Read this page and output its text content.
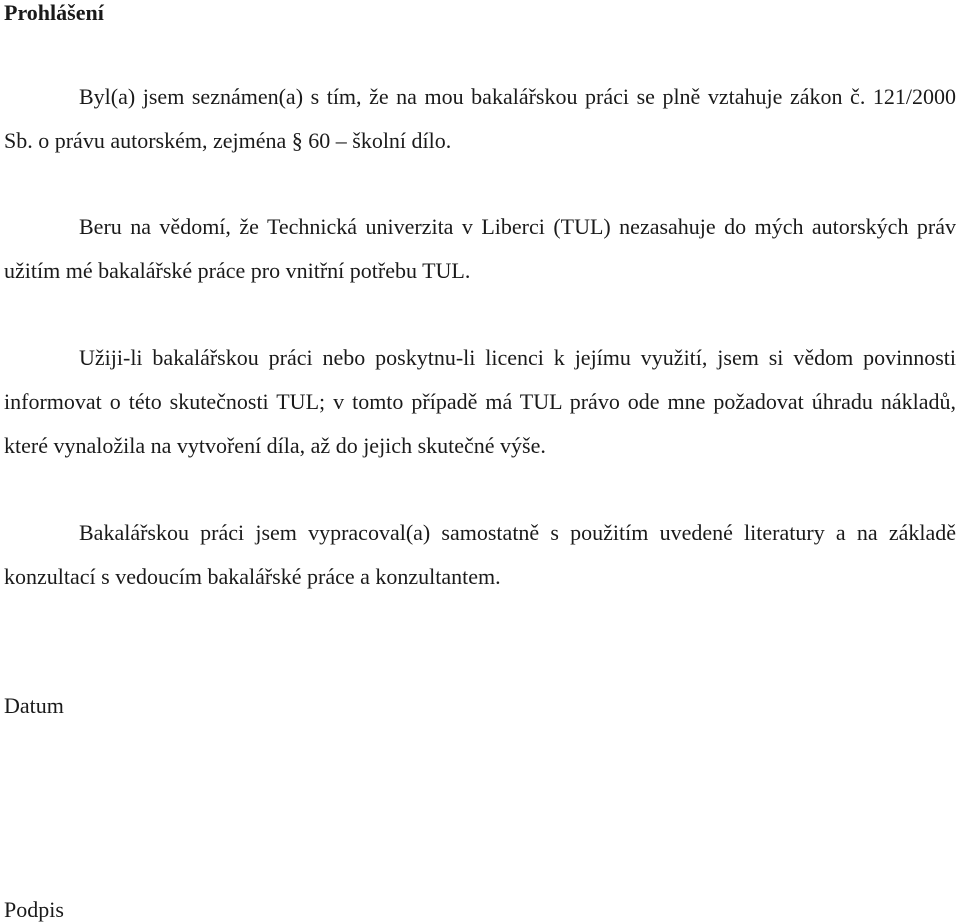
Prohlášení

Byl(a) jsem seznámen(a) s tím, že na mou bakalářskou práci se plně vztahuje zákon č. 121/2000 Sb. o právu autorském, zejména § 60 – školní dílo.

Beru na vědomí, že Technická univerzita v Liberci (TUL) nezasahuje do mých autorských práv užitím mé bakalářské práce pro vnitřní potřebu TUL.

Užiji-li bakalářskou práci nebo poskytnu-li licenci k jejímu využití, jsem si vědom povinnosti informovat o této skutečnosti TUL; v tomto případě má TUL právo ode mne požadovat úhradu nákladů, které vynaložila na vytvoření díla, až do jejich skutečné výše.

Bakalářskou práci jsem vypracoval(a) samostatně s použitím uvedené literatury a na základě konzultací s vedoucím bakalářské práce a konzultantem.

Datum

Podpis
